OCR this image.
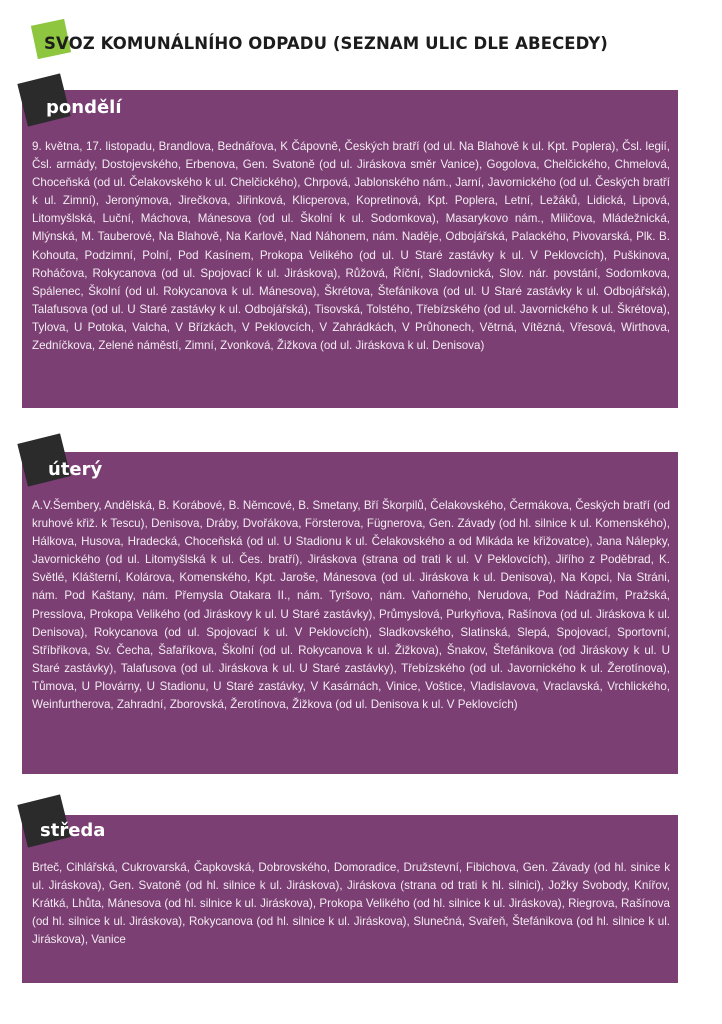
SVOZ KOMUNÁLNÍHO ODPADU (SEZNAM ULIC DLE ABECEDY)
pondělí
9. května, 17. listopadu, Brandlova, Bednářova, K Čápovně, Českých bratří (od ul. Na Blahově k ul. Kpt. Poplera), Čsl. legií, Čsl. armády, Dostojevského, Erbenova, Gen. Svatoně (od ul. Jiráskova směr Vanice), Gogolova, Chelčického, Chmelová, Choceňská (od ul. Čelakovského k ul. Chelčického), Chrpová, Jablonského nám., Jarní, Javornického (od ul. Českých bratří k ul. Zimní), Jeronýmova, Jirečkova, Jiřinková, Klicperova, Kopretinová, Kpt. Poplera, Letní, Ležáků, Lidická, Lipová, Litomyšlská, Luční, Máchova, Mánesova (od ul. Školní k ul. Sodomkova), Masarykovo nám., Miličova, Mládežnická, Mlýnská, M. Tauberové, Na Blahově, Na Karlově, Nad Náhonem, nám. Naděje, Odbojářská, Palackého, Pivovarská, Plk. B. Kohouta, Podzimní, Polní, Pod Kasínem, Prokopa Velikého (od ul. U Staré zastávky k ul. V Peklovcích), Puškinova, Roháčova, Rokycanova (od ul. Spojovací k ul. Jiráskova), Růžová, Říční, Sladovnická, Slov. nár. povstání, Sodomkova, Spálenec, Školní (od ul. Rokycanova k ul. Mánesova), Škrétova, Štefánikova (od ul. U Staré zastávky k ul. Odbojářská), Talafusova (od ul. U Staré zastávky k ul. Odbojářská), Tisovská, Tolstého, Třebízského (od ul. Javornického k ul. Škrétova), Tylova, U Potoka, Valcha, V Břízkách, V Peklovcích, V Zahrádkách, V Průhonech, Větrná, Vítězná, Vřesová, Wirthova, Zedníčkova, Zelené náměstí, Zimní, Zvonková, Žižkova (od ul. Jiráskova k ul. Denisova)
úterý
A.V.Šembery, Andělská, B. Korábové, B. Němcové, B. Smetany, Bří Škorpilů, Čelakovského, Čermákova, Českých bratří (od kruhové křiž. k Tescu), Denisova, Dráby, Dvořákova, Försterova, Fügnerova, Gen. Závady (od hl. silnice k ul. Komenského), Hálkova, Husova, Hradecká, Choceňská (od ul. U Stadionu k ul. Čelakovského a od Mikáda ke křižovatce), Jana Nálepky, Javornického (od ul. Litomyšlská k ul. Čes. bratří), Jiráskova (strana od trati k ul. V Peklovcích), Jiřího z Poděbrad, K. Světlé, Klášterní, Kolárova, Komenského, Kpt. Jaroše, Mánesova (od ul. Jiráskova k ul. Denisova), Na Kopci, Na Stráni, nám. Pod Kaštany, nám. Přemysla Otakara II., nám. Tyršovo, nám. Vaňorného, Nerudova, Pod Nádražím, Pražská, Presslova, Prokopa Velikého (od Jiráskovy k ul. U Staré zastávky), Průmyslová, Purkyňova, Rašínova (od ul. Jiráskova k ul. Denisova), Rokycanova (od ul. Spojovací k ul. V Peklovcích), Sladkovského, Slatinská, Slepá, Spojovací, Sportovní, Stříbřikova, Sv. Čecha, Šafaříkova, Školní (od ul. Rokycanova k ul. Žižkova), Šnakov, Štefánikova (od Jiráskovy k ul. U Staré zastávky), Talafusova (od ul. Jiráskova k ul. U Staré zastávky), Třebízského (od ul. Javornického k ul. Žerotínova), Tůmova, U Plovárny, U Stadionu, U Staré zastávky, V Kasárnách, Vinice, Voštice, Vladislavova, Vraclavská, Vrchlického, Weinfurtherova, Zahradní, Zborovská, Žerotínova, Žižkova (od ul. Denisova k ul. V Peklovcích)
středa
Brteč, Cihlářská, Cukrovarská, Čapkovská, Dobrovského, Domoradice, Družstevní, Fibichova, Gen. Závady (od hl. sinice k ul. Jiráskova), Gen. Svatoně (od hl. silnice k ul. Jiráskova), Jiráskova (strana od trati k hl. silnici), Jožky Svobody, Knířov, Krátká, Lhůta, Mánesova (od hl. silnice k ul. Jiráskova), Prokopa Velikého (od hl. silnice k ul. Jiráskova), Riegrova, Rašínova (od hl. silnice k ul. Jiráskova), Rokycanova (od hl. silnice k ul. Jiráskova), Slunečná, Svařeň, Štefánikova (od hl. silnice k ul. Jiráskova), Vanice
